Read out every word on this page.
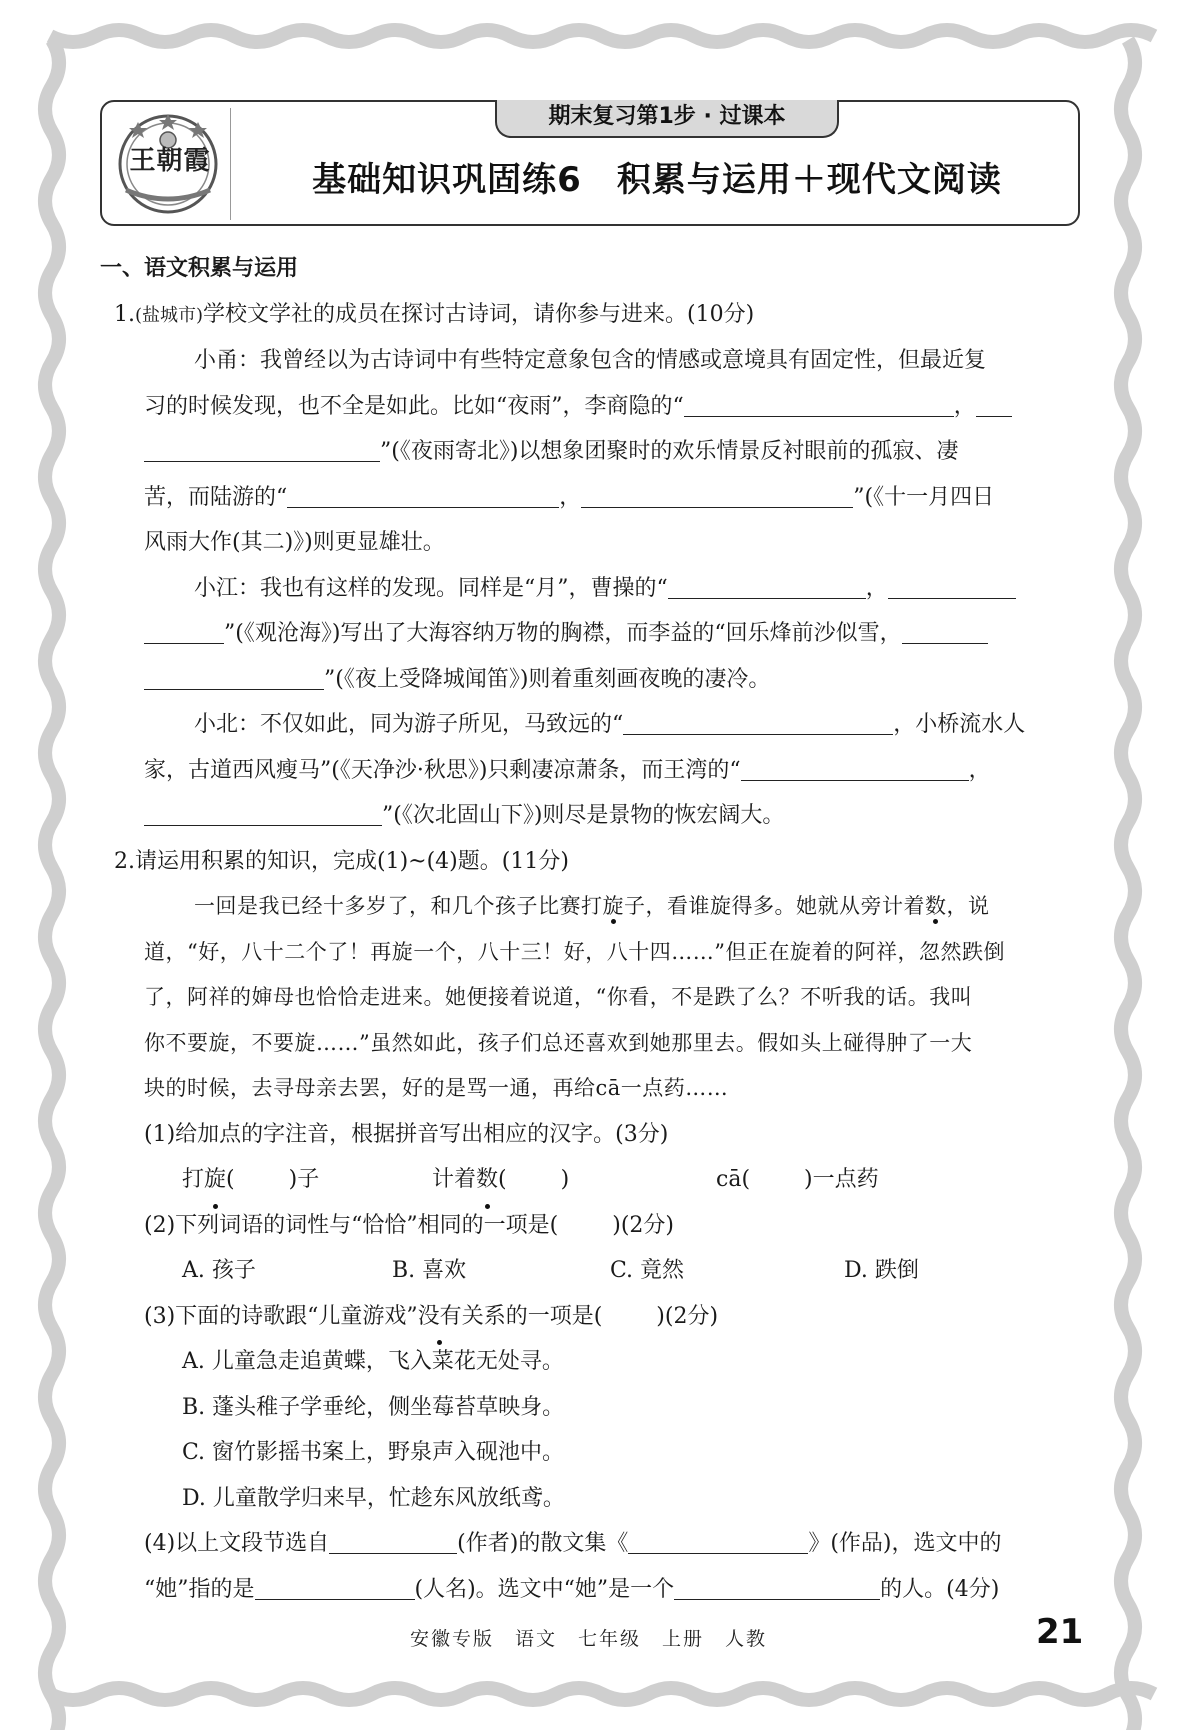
王朝霞
期末复习第1步 · 过课本
基础知识巩固练6　积累与运用＋现代文阅读
一、语文积累与运用
1.(盐城市)学校文学社的成员在探讨古诗词，请你参与进来。(10分)
小甬：我曾经以为古诗词中有些特定意象包含的情感或意境具有固定性，但最近复
习的时候发现，也不全是如此。比如“夜雨”，李商隐的“	，
”(《夜雨寄北》)以想象团聚时的欢乐情景反衬眼前的孤寂、凄
苦，而陆游的“	，	”(《十一月四日
风雨大作(其二)》)则更显雄壮。
小江：我也有这样的发现。同样是“月”，曹操的“	，
”(《观沧海》)写出了大海容纳万物的胸襟，而李益的“回乐烽前沙似雪，
”(《夜上受降城闻笛》)则着重刻画夜晚的凄冷。
小北：不仅如此，同为游子所见，马致远的“	，小桥流水人
家，古道西风瘦马”(《天净沙·秋思》)只剩凄凉萧条，而王湾的“	，
”(《次北固山下》)则尽是景物的恢宏阔大。
2.请运用积累的知识，完成(1)~(4)题。(11分)
一回是我已经十多岁了，和几个孩子比赛打旋子，看谁旋得多。她就从旁计着数，说
道，“好，八十二个了！再旋一个，八十三！好，八十四……”但正在旋着的阿祥，忽然跌倒
了，阿祥的婶母也恰恰走进来。她便接着说道，“你看，不是跌了么？不听我的话。我叫
你不要旋，不要旋……”虽然如此，孩子们总还喜欢到她那里去。假如头上碰得肿了一大
块的时候，去寻母亲去罢，好的是骂一通，再给cā一点药……
(1)给加点的字注音，根据拼音写出相应的汉字。(3分)
打旋( )子	计着数( )	cā( )一点药
(2)下列词语的词性与“恰恰”相同的一项是( )(2分)
A. 孩子	B. 喜欢	C. 竟然	D. 跌倒
(3)下面的诗歌跟“儿童游戏”没有关系的一项是( )(2分)
A. 儿童急走追黄蝶，飞入菜花无处寻。
B. 蓬头稚子学垂纶，侧坐莓苔草映身。
C. 窗竹影摇书案上，野泉声入砚池中。
D. 儿童散学归来早，忙趁东风放纸鸢。
(4)以上文段节选自	(作者)的散文集《	》(作品)，选文中的
“她”指的是	(人名)。选文中“她”是一个	的人。(4分)
安徽专版　语文　七年级　上册　人教	21
